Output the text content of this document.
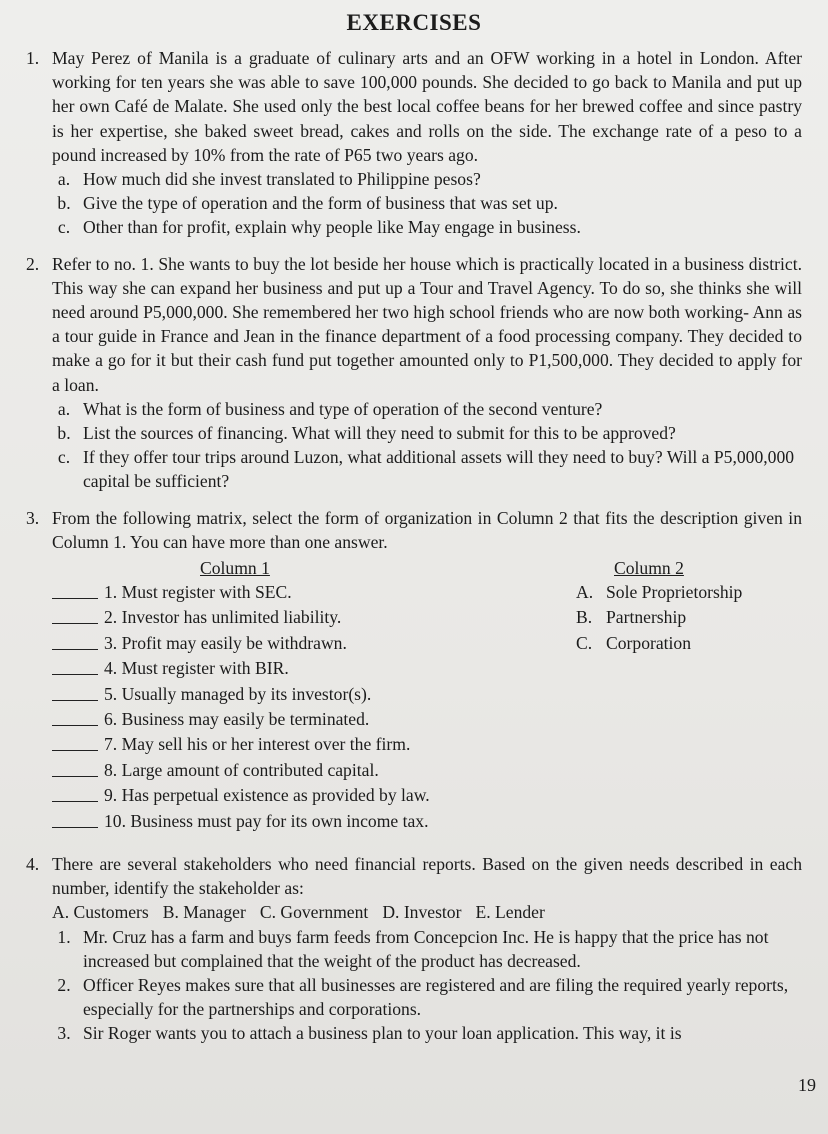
EXERCISES
1. May Perez of Manila is a graduate of culinary arts and an OFW working in a hotel in London. After working for ten years she was able to save 100,000 pounds. She decided to go back to Manila and put up her own Café de Malate. She used only the best local coffee beans for her brewed coffee and since pastry is her expertise, she baked sweet bread, cakes and rolls on the side. The exchange rate of a peso to a pound increased by 10% from the rate of P65 two years ago.

a. How much did she invest translated to Philippine pesos?
b. Give the type of operation and the form of business that was set up.
c. Other than for profit, explain why people like May engage in business.
2. Refer to no. 1. She wants to buy the lot beside her house which is practically located in a business district. This way she can expand her business and put up a Tour and Travel Agency. To do so, she thinks she will need around P5,000,000. She remembered her two high school friends who are now both working- Ann as a tour guide in France and Jean in the finance department of a food processing company. They decided to make a go for it but their cash fund put together amounted only to P1,500,000. They decided to apply for a loan.

a. What is the form of business and type of operation of the second venture?
b. List the sources of financing. What will they need to submit for this to be approved?
c. If they offer tour trips around Luzon, what additional assets will they need to buy? Will a P5,000,000 capital be sufficient?
3. From the following matrix, select the form of organization in Column 2 that fits the description given in Column 1. You can have more than one answer.

Column 1	Column 2
1. Must register with SEC.	A. Sole Proprietorship
2. Investor has unlimited liability.	B. Partnership
3. Profit may easily be withdrawn.	C. Corporation
4. Must register with BIR.
5. Usually managed by its investor(s).
6. Business may easily be terminated.
7. May sell his or her interest over the firm.
8. Large amount of contributed capital.
9. Has perpetual existence as provided by law.
10. Business must pay for its own income tax.
4. There are several stakeholders who need financial reports. Based on the given needs described in each number, identify the stakeholder as:

A. Customers B. Manager C. Government D. Investor E. Lender
1. Mr. Cruz has a farm and buys farm feeds from Concepcion Inc. He is happy that the price has not increased but complained that the weight of the product has decreased.
2. Officer Reyes makes sure that all businesses are registered and are filing the required yearly reports, especially for the partnerships and corporations.
3. Sir Roger wants you to attach a business plan to your loan application. This way, it is
19
